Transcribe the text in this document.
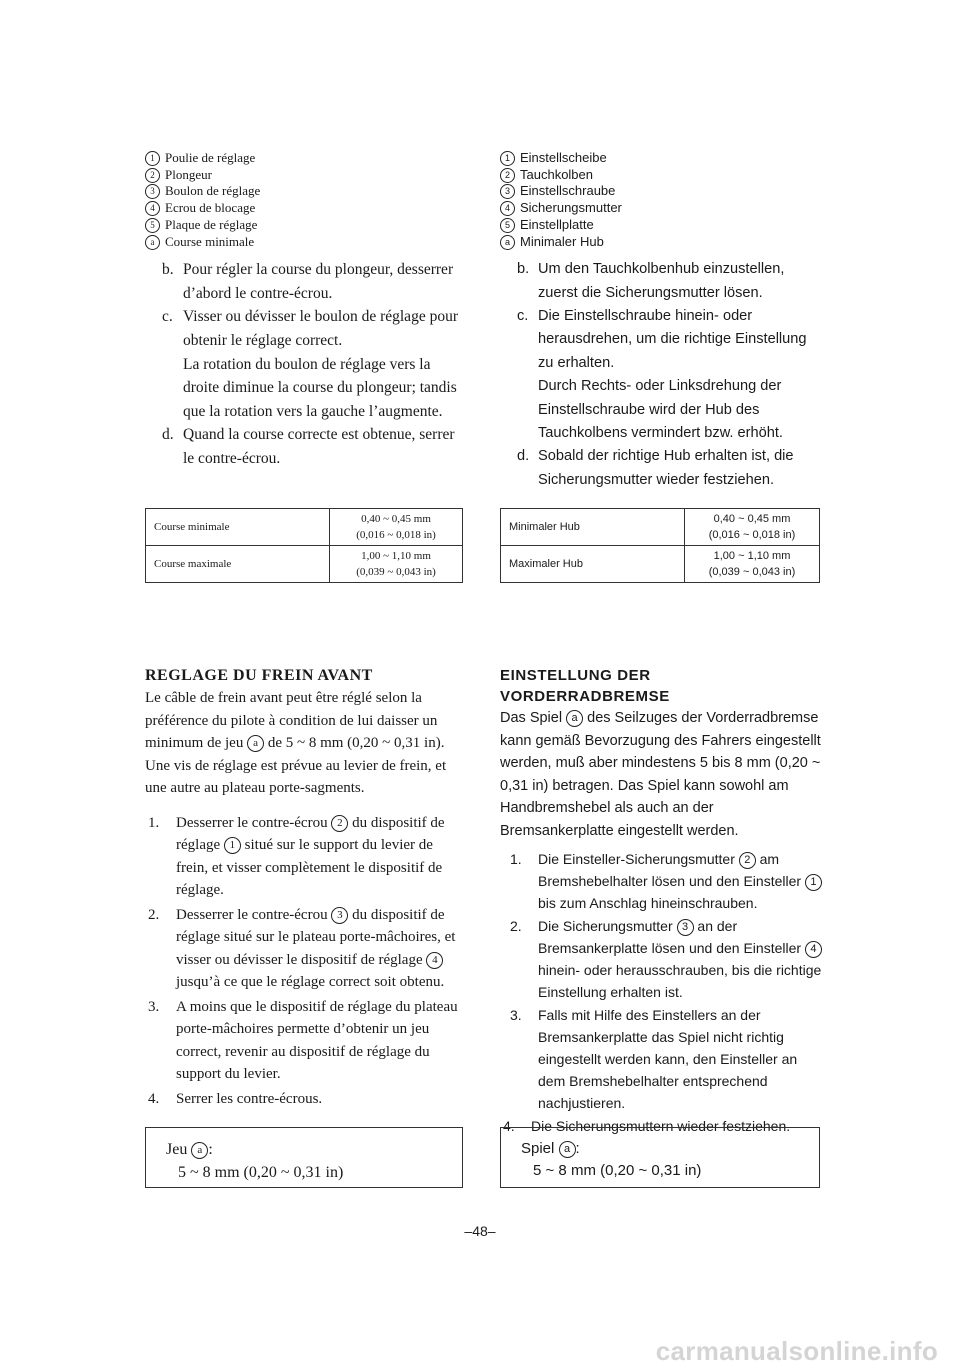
1 Poulie de réglage
2 Plongeur
3 Boulon de réglage
4 Ecrou de blocage
5 Plaque de réglage
a Course minimale
b. Pour régler la course du plongeur, desserrer d’abord le contre-écrou.
c. Visser ou dévisser le boulon de réglage pour obtenir le réglage correct.
La rotation du boulon de réglage vers la droite diminue la course du plongeur; tandis que la rotation vers la gauche l’augmente.
d. Quand la course correcte est obtenue, serrer le contre-écrou.
Course minimale	0,40 ~ 0,45 mm
(0,016 ~ 0,018 in)

Course maximale	1,00 ~ 1,10 mm
(0,039 ~ 0,043 in)
REGLAGE DU FREIN AVANT

Le câble de frein avant peut être réglé selon la préférence du pilote à condition de lui daisser un minimum de jeu a de 5 ~ 8 mm (0,20 ~ 0,31 in). Une vis de réglage est prévue au levier de frein, et une autre au plateau porte-sagments.

1. Desserrer le contre-écrou 2 du dispositif de réglage 1 situé sur le support du levier de frein, et visser complètement le dispositif de réglage.
2. Desserrer le contre-écrou 3 du dispositif de réglage situé sur le plateau porte-mâchoires, et visser ou dévisser le dispositif de réglage 4 jusqu’à ce que le réglage correct soit obtenu.
3. A moins que le dispositif de réglage du plateau porte-mâchoires permette d’obtenir un jeu correct, revenir au dispositif de réglage du support du levier.
4. Serrer les contre-écrous.
Jeu a :
5 ~ 8 mm (0,20 ~ 0,31 in)
1 Einstellscheibe
2 Tauchkolben
3 Einstellschraube
4 Sicherungsmutter
5 Einstellplatte
a Minimaler Hub
b. Um den Tauchkolbenhub einzustellen, zuerst die Sicherungsmutter lösen.
c. Die Einstellschraube hinein- oder herausdrehen, um die richtige Einstellung zu erhalten.
Durch Rechts- oder Linksdrehung der Einstellschraube wird der Hub des Tauchkolbens vermindert bzw. erhöht.
d. Sobald der richtige Hub erhalten ist, die Sicherungsmutter wieder festziehen.
Minimaler Hub	0,40 ~ 0,45 mm
(0,016 ~ 0,018 in)

Maximaler Hub	1,00 ~ 1,10 mm
(0,039 ~ 0,043 in)
EINSTELLUNG DER
VORDERRADBREMSE

Das Spiel a des Seilzuges der Vorderradbremse kann gemäß Bevorzugung des Fahrers eingestellt werden, muß aber mindestens 5 bis 8 mm (0,20 ~ 0,31 in) betragen. Das Spiel kann sowohl am Handbremshebel als auch an der Bremsankerplatte eingestellt werden.

1. Die Einsteller-Sicherungsmutter 2 am Bremshebelhalter lösen und den Einsteller 1 bis zum Anschlag hineinschrauben.
2. Die Sicherungsmutter 3 an der Bremsankerplatte lösen und den Einsteller 4 hinein- oder herausschrauben, bis die richtige Einstellung erhalten ist.
3. Falls mit Hilfe des Einstellers an der Bremsankerplatte das Spiel nicht richtig eingestellt werden kann, den Einsteller an dem Bremshebelhalter entsprechend nachjustieren.
4. Die Sicherungsmuttern wieder festziehen.
Spiel a :
5 ~ 8 mm (0,20 ~ 0,31 in)
–48–
carmanualsonline.info
